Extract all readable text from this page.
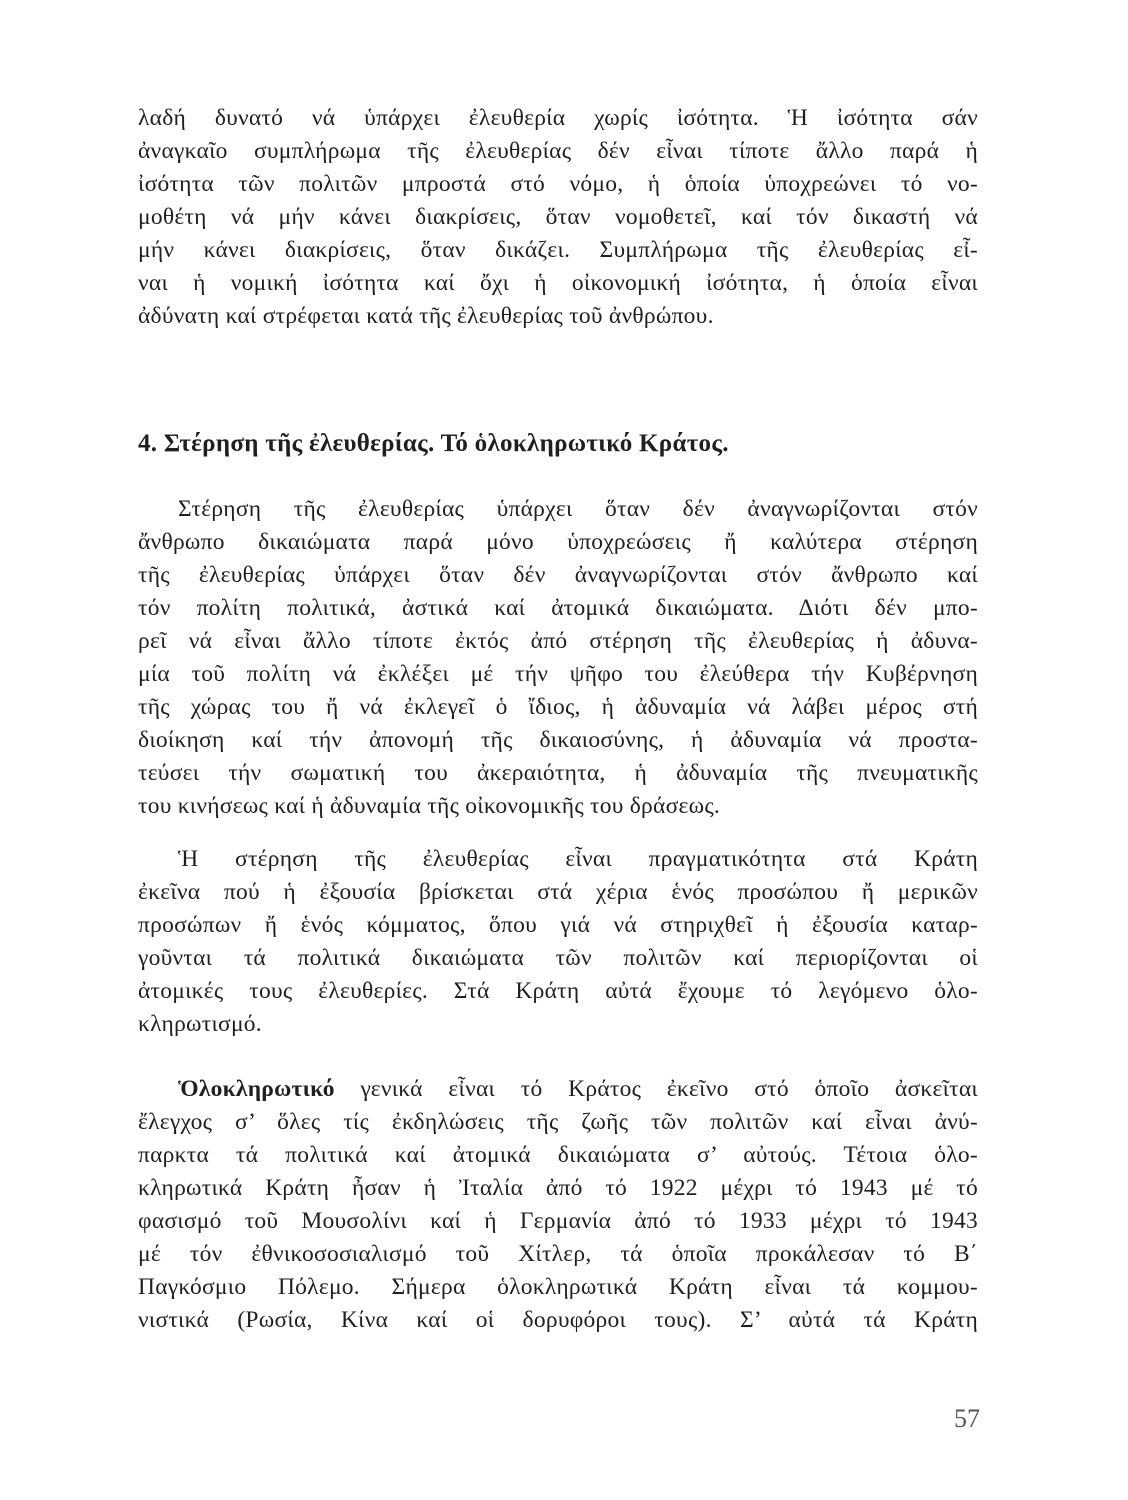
λαδή δυνατό νά ὑπάρχει ἐλευθερία χωρίς ἰσότητα. Ἡ ἰσότητα σάν
ἀναγκαῖο συμπλήρωμα τῆς ἐλευθερίας δέν εἶναι τίποτε ἄλλο παρά ἡ
ἰσότητα τῶν πολιτῶν μπροστά στό νόμο, ἡ ὁποία ὑποχρεώνει τό νο-
μοθέτη νά μήν κάνει διακρίσεις, ὅταν νομοθετεῖ, καί τόν δικαστή νά
μήν κάνει διακρίσεις, ὅταν δικάζει. Συμπλήρωμα τῆς ἐλευθερίας εἶ-
ναι ἡ νομική ἰσότητα καί ὄχι ἡ οἰκονομική ἰσότητα, ἡ ὁποία εἶναι
ἀδύνατη καί στρέφεται κατά τῆς ἐλευθερίας τοῦ ἀνθρώπου.
4. Στέρηση τῆς ἐλευθερίας. Τό ὁλοκληρωτικό Κράτος.
Στέρηση τῆς ἐλευθερίας ὑπάρχει ὅταν δέν ἀναγνωρίζονται στόν
ἄνθρωπο δικαιώματα παρά μόνο ὑποχρεώσεις ἤ καλύτερα στέρηση
τῆς ἐλευθερίας ὑπάρχει ὅταν δέν ἀναγνωρίζονται στόν ἄνθρωπο καί
τόν πολίτη πολιτικά, ἀστικά καί ἀτομικά δικαιώματα. Διότι δέν μπο-
ρεῖ νά εἶναι ἄλλο τίποτε ἐκτός ἀπό στέρηση τῆς ἐλευθερίας ἡ ἀδυνα-
μία τοῦ πολίτη νά ἐκλέξει μέ τήν ψῆφο του ἐλεύθερα τήν Κυβέρνηση
τῆς χώρας του ἤ νά ἐκλεγεῖ ὁ ἴδιος, ἡ ἀδυναμία νά λάβει μέρος στή
διοίκηση καί τήν ἀπονομή τῆς δικαιοσύνης, ἡ ἀδυναμία νά προστα-
τεύσει τήν σωματική του ἀκεραιότητα, ἡ ἀδυναμία τῆς πνευματικῆς
του κινήσεως καί ἡ ἀδυναμία τῆς οἰκονομικῆς του δράσεως.
Ἡ στέρηση τῆς ἐλευθερίας εἶναι πραγματικότητα στά Κράτη
ἐκεῖνα πού ἡ ἐξουσία βρίσκεται στά χέρια ἑνός προσώπου ἤ μερικῶν
προσώπων ἤ ἑνός κόμματος, ὅπου γιά νά στηριχθεῖ ἡ ἐξουσία καταρ-
γοῦνται τά πολιτικά δικαιώματα τῶν πολιτῶν καί περιορίζονται οἱ
ἀτομικές τους ἐλευθερίες. Στά Κράτη αὐτά ἔχουμε τό λεγόμενο ὁλο-
κληρωτισμό.
Ὁλοκληρωτικό γενικά εἶναι τό Κράτος ἐκεῖνο στό ὁποῖο ἀσκεῖται
ἔλεγχος σ’ ὅλες τίς ἐκδηλώσεις τῆς ζωῆς τῶν πολιτῶν καί εἶναι ἀνύ-
παρκτα τά πολιτικά καί ἀτομικά δικαιώματα σ’ αὐτούς. Τέτοια ὁλο-
κληρωτικά Κράτη ἦσαν ἡ Ἰταλία ἀπό τό 1922 μέχρι τό 1943 μέ τό
φασισμό τοῦ Μουσολίνι καί ἡ Γερμανία ἀπό τό 1933 μέχρι τό 1943
μέ τόν ἐθνικοσοσιαλισμό τοῦ Χίτλερ, τά ὁποῖα προκάλεσαν τό Β΄
Παγκόσμιο Πόλεμο. Σήμερα ὁλοκληρωτικά Κράτη εἶναι τά κομμου-
νιστικά (Ρωσία, Κίνα καί οἱ δορυφόροι τους). Σ’ αὐτά τά Κράτη
57
